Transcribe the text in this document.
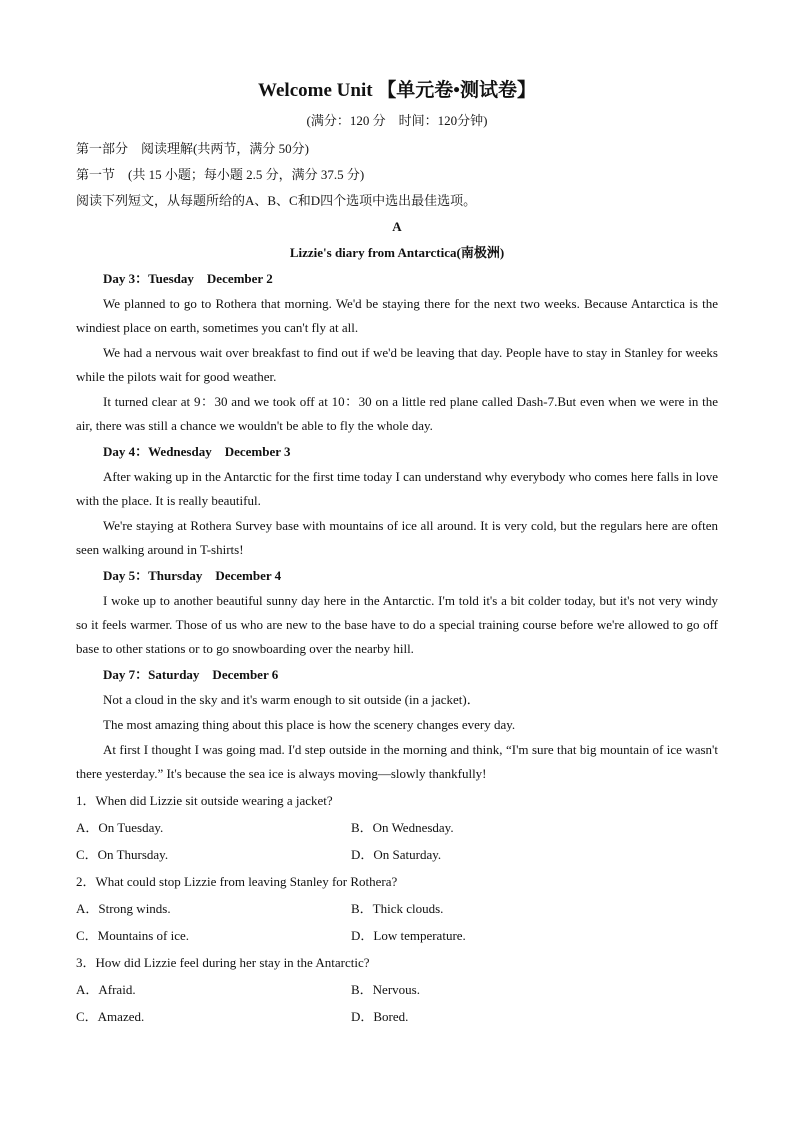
Welcome Unit 【单元卷•测试卷】
(满分：120 分　时间：120分钟)
第一部分　阅读理解(共两节，满分 50分)
第一节　(共 15 小题；每小题 2.5 分，满分 37.5 分)
阅读下列短文，从每题所给的A、B、C和D四个选项中选出最佳选项。
A
Lizzie's diary from Antarctica(南极洲)
Day 3：Tuesday　December 2

We planned to go to Rothera that morning. We'd be staying there for the next two weeks. Because Antarctica is the windiest place on earth, sometimes you can't fly at all.

We had a nervous wait over breakfast to find out if we'd be leaving that day. People have to stay in Stanley for weeks while the pilots wait for good weather.

It turned clear at 9：30 and we took off at 10：30 on a little red plane called Dash-7.But even when we were in the air, there was still a chance we wouldn't be able to fly the whole day.

Day 4：Wednesday　December 3

After waking up in the Antarctic for the first time today I can understand why everybody who comes here falls in love with the place. It is really beautiful.

We're staying at Rothera Survey base with mountains of ice all around. It is very cold, but the regulars here are often seen walking around in T-shirts!

Day 5：Thursday　December 4

I woke up to another beautiful sunny day here in the Antarctic. I'm told it's a bit colder today, but it's not very windy so it feels warmer. Those of us who are new to the base have to do a special training course before we're allowed to go off base to other stations or to go snowboarding over the nearby hill.

Day 7：Saturday　December 6

Not a cloud in the sky and it's warm enough to sit outside (in a jacket)．

The most amazing thing about this place is how the scenery changes every day.

At first I thought I was going mad. I'd step outside in the morning and think, “I'm sure that big mountain of ice wasn't there yesterday.” It's because the sea ice is always moving—slowly thankfully!

1．When did Lizzie sit outside wearing a jacket?
A．On Tuesday.	B．On Wednesday.
C．On Thursday.	D．On Saturday.
2．What could stop Lizzie from leaving Stanley for Rothera?
A．Strong winds.	B．Thick clouds.
C．Mountains of ice.	D．Low temperature.
3．How did Lizzie feel during her stay in the Antarctic?
A．Afraid.	B．Nervous.
C．Amazed.	D．Bored.
